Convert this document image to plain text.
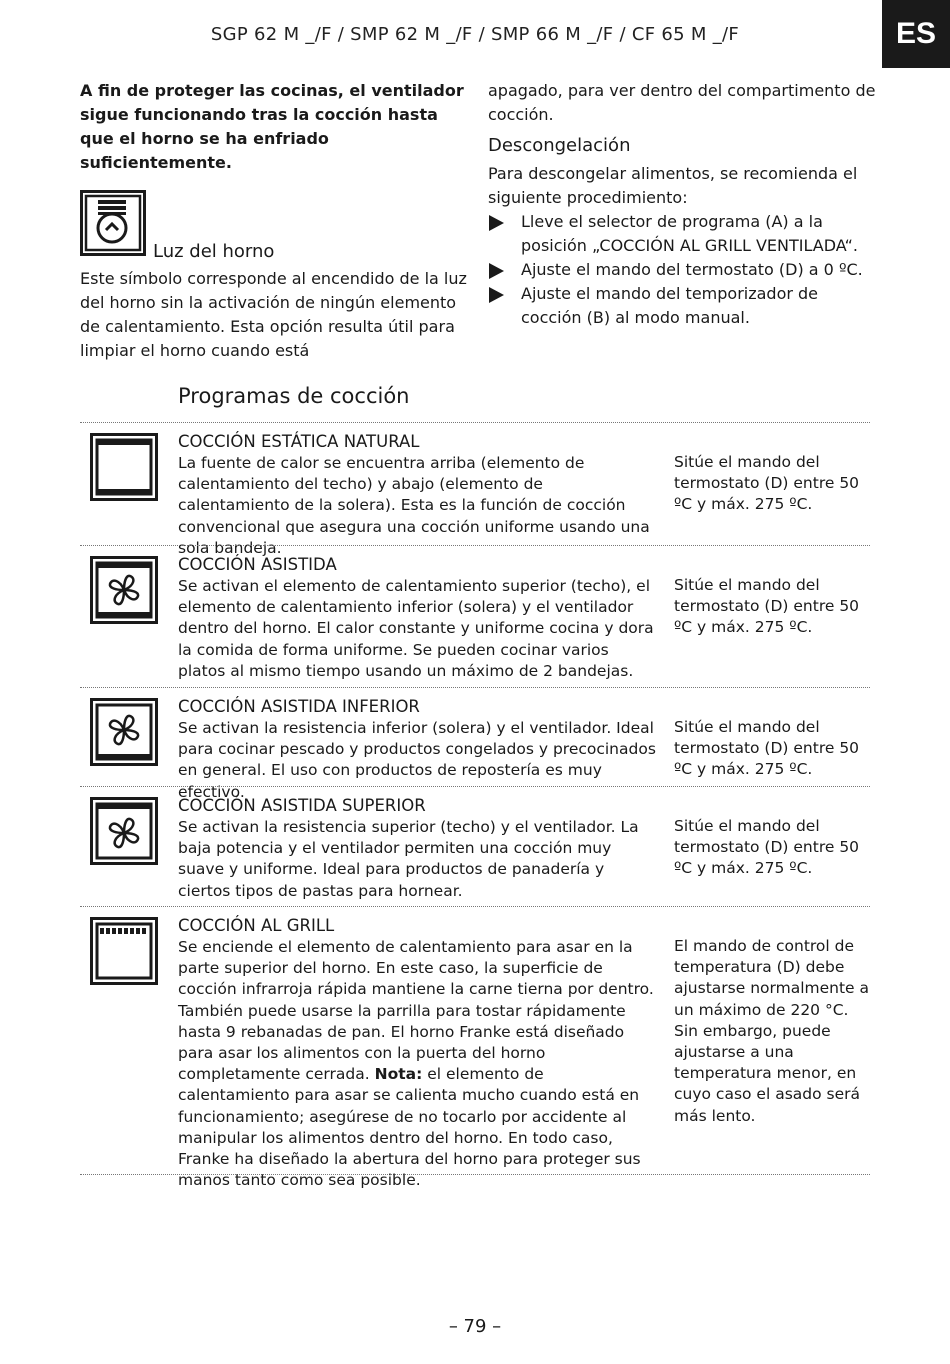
SGP 62 M _/F / SMP 62 M _/F / SMP 66 M _/F / CF 65 M _/F	ES

A fin de proteger las cocinas, el ventilador sigue funcionando tras la cocción hasta que el horno se ha enfriado suficientemente.

Luz del horno

Este símbolo corresponde al encendido de la luz del horno sin la activación de ningún elemento de calentamiento. Esta opción resulta útil para limpiar el horno cuando está

apagado, para ver dentro del compartimento de cocción.

Descongelación

Para descongelar alimentos, se recomienda el siguiente procedimiento:

Lleve el selector de programa (A) a la posición „COCCIÓN AL GRILL VENTILADA“.
Ajuste el mando del termostato (D) a 0 ºC.
Ajuste el mando del temporizador de cocción (B) al modo manual.
Programas de cocción
COCCIÓN ESTÁTICA NATURAL
La fuente de calor se encuentra arriba (elemento de calentamiento del techo) y abajo (elemento de calentamiento de la solera). Esta es la función de cocción convencional que asegura una cocción uniforme usando una sola bandeja.
Sitúe el mando del termostato (D) entre 50 ºC y máx. 275 ºC.
COCCIÓN ASISTIDA
Se activan el elemento de calentamiento superior (techo), el elemento de calentamiento inferior (solera) y el ventilador dentro del horno. El calor constante y uniforme cocina y dora la comida de forma uniforme. Se pueden cocinar varios platos al mismo tiempo usando un máximo de 2 bandejas.
Sitúe el mando del termostato (D) entre 50 ºC y máx. 275 ºC.
COCCIÓN ASISTIDA INFERIOR
Se activan la resistencia inferior (solera) y el ventilador. Ideal para cocinar pescado y productos congelados y precocinados en general. El uso con productos de repostería es muy efectivo.
Sitúe el mando del termostato (D) entre 50 ºC y máx. 275 ºC.
COCCIÓN ASISTIDA SUPERIOR
Se activan la resistencia superior (techo) y el ventilador. La baja potencia y el ventilador permiten una cocción muy suave y uniforme. Ideal para productos de panadería y ciertos tipos de pastas para hornear.
Sitúe el mando del termostato (D) entre 50 ºC y máx. 275 ºC.
COCCIÓN AL GRILL
Se enciende el elemento de calentamiento para asar en la parte superior del horno. En este caso, la superficie de cocción infrarroja rápida mantiene la carne tierna por dentro. También puede usarse la parrilla para tostar rápidamente hasta 9 rebanadas de pan. El horno Franke está diseñado para asar los alimentos con la puerta del horno completamente cerrada. Nota: el elemento de calentamiento para asar se calienta mucho cuando está en funcionamiento; asegúrese de no tocarlo por accidente al manipular los alimentos dentro del horno. En todo caso, Franke ha diseñado la abertura del horno para proteger sus manos tanto como sea posible.
El mando de control de temperatura (D) debe ajustarse normalmente a un máximo de 220 °C. Sin embargo, puede ajustarse a una temperatura menor, en cuyo caso el asado será más lento.
– 79 –
